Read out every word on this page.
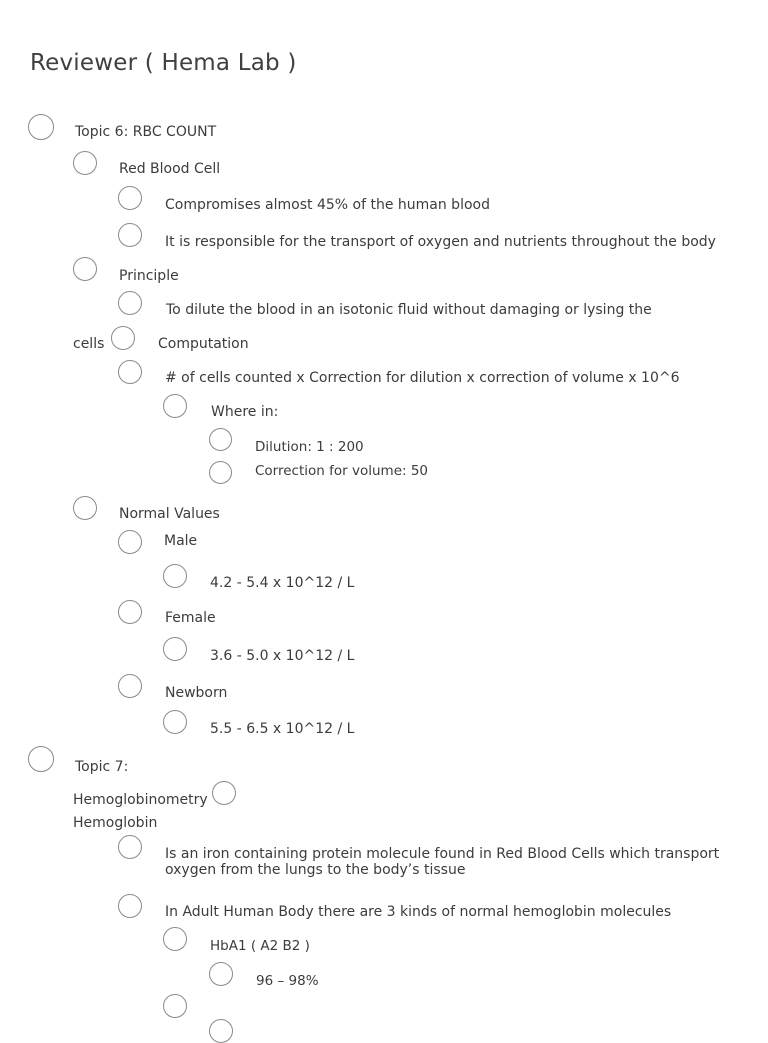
Reviewer ( Hema Lab )
Topic 6: RBC COUNT
Red Blood Cell
Compromises almost 45% of the human blood
It is responsible for the transport of oxygen and nutrients throughout the body
Principle
To dilute the blood in an isotonic fluid without damaging or lysing the
cells	Computation
# of cells counted x Correction for dilution x correction of volume x 10^6
Where in:
Dilution: 1 : 200
Correction for volume: 50
Normal Values
Male
4.2 - 5.4 x 10^12 / L
Female
3.6 - 5.0 x 10^12 / L
Newborn
5.5 - 6.5 x 10^12 / L
Topic 7:
Hemoglobinometry
Hemoglobin
Is an iron containing protein molecule found in Red Blood Cells which transport oxygen from the lungs to the body’s tissue
In Adult Human Body there are 3 kinds of normal hemoglobin molecules
HbA1 ( A2 B2 )
96 – 98%
